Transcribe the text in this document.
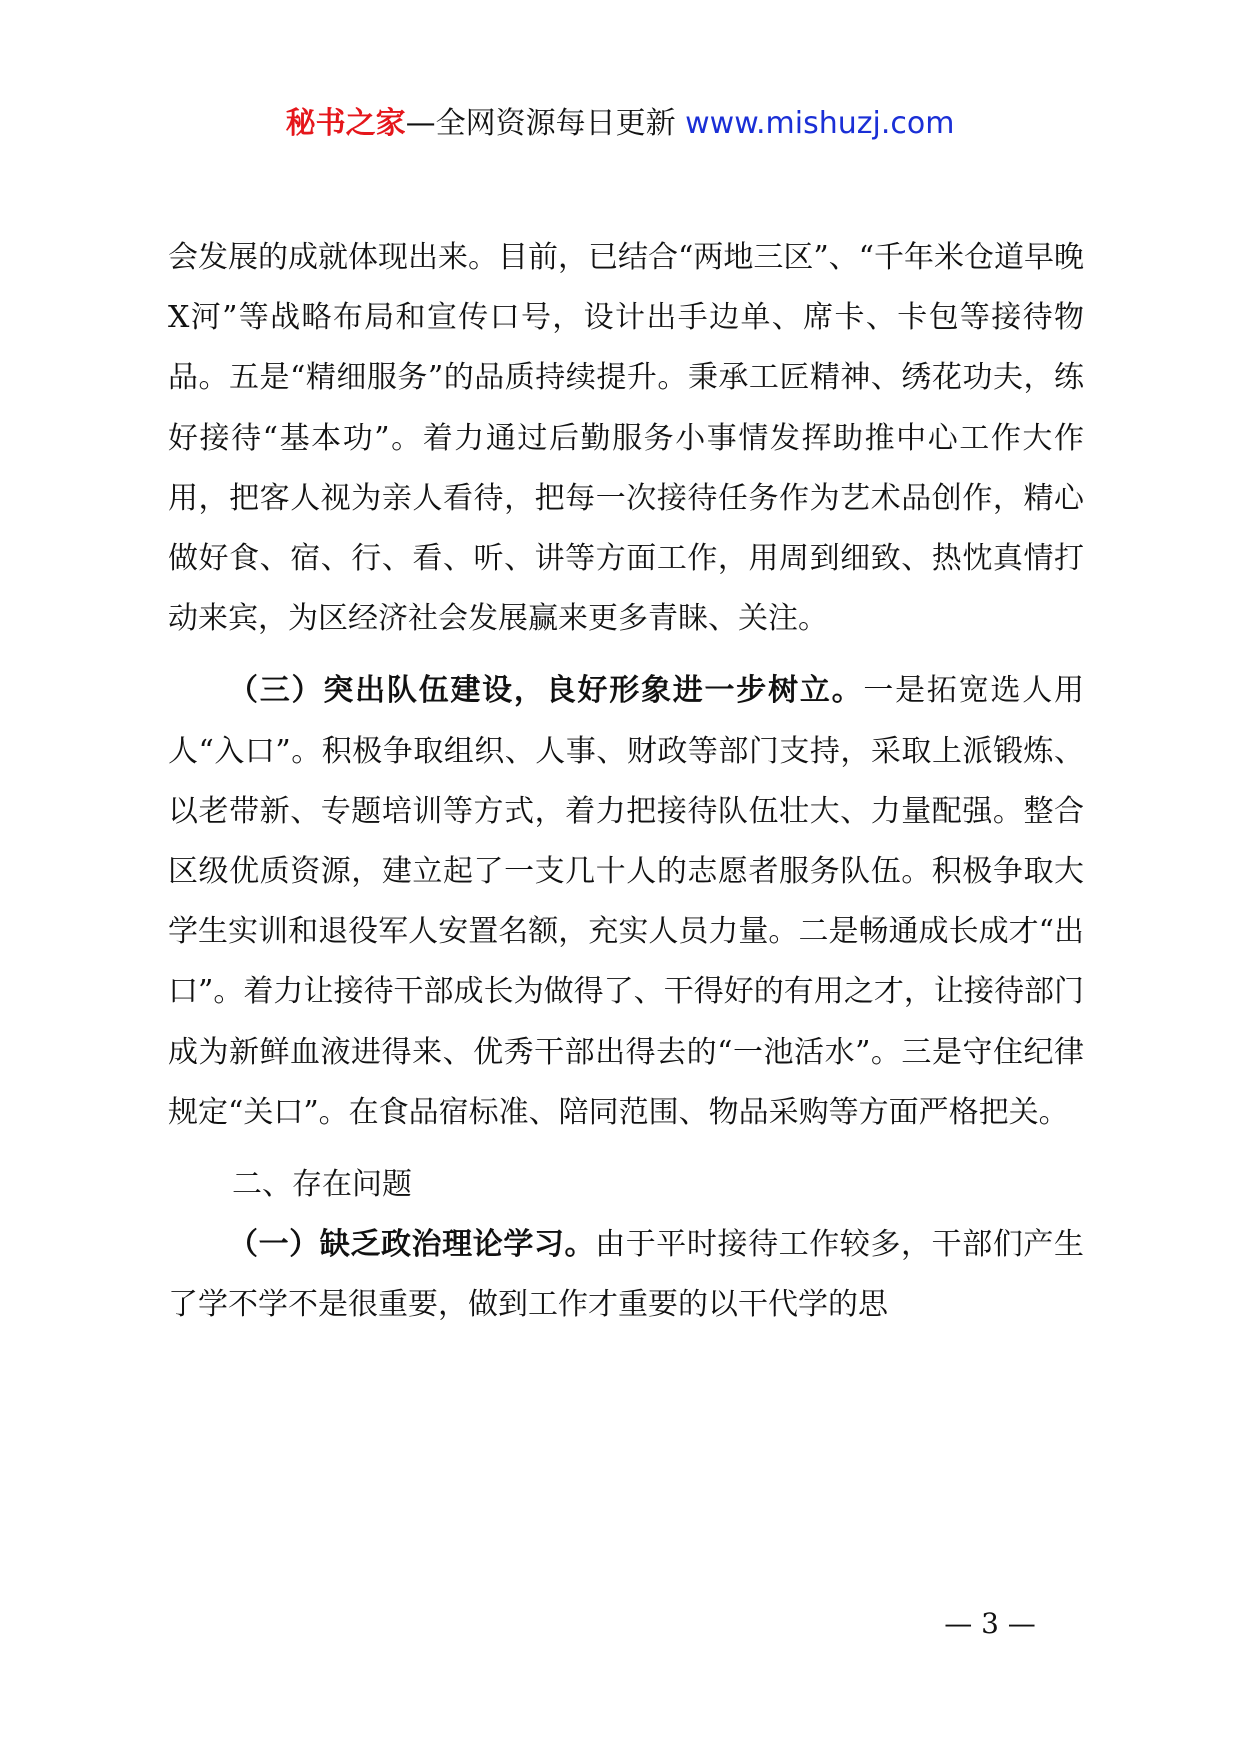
秘书之家—全网资源每日更新 www.mishuzj.com

会发展的成就体现出来。目前，已结合“两地三区”、“千年米仓道早晚X河”等战略布局和宣传口号，设计出手边单、席卡、卡包等接待物品。五是“精细服务”的品质持续提升。秉承工匠精神、绣花功夫，练好接待“基本功”。着力通过后勤服务小事情发挥助推中心工作大作用，把客人视为亲人看待，把每一次接待任务作为艺术品创作，精心做好食、宿、行、看、听、讲等方面工作，用周到细致、热忱真情打动来宾，为区经济社会发展赢来更多青睐、关注。

（三）突出队伍建设，良好形象进一步树立。一是拓宽选人用人“入口”。积极争取组织、人事、财政等部门支持，采取上派锻炼、以老带新、专题培训等方式，着力把接待队伍壮大、力量配强。整合区级优质资源，建立起了一支几十人的志愿者服务队伍。积极争取大学生实训和退役军人安置名额，充实人员力量。二是畅通成长成才“出口”。着力让接待干部成长为做得了、干得好的有用之才，让接待部门成为新鲜血液进得来、优秀干部出得去的“一池活水”。三是守住纪律规定“关口”。在食品宿标准、陪同范围、物品采购等方面严格把关。

二、存在问题

（一）缺乏政治理论学习。由于平时接待工作较多，干部们产生了学不学不是很重要，做到工作才重要的以干代学的思

— 3 —
